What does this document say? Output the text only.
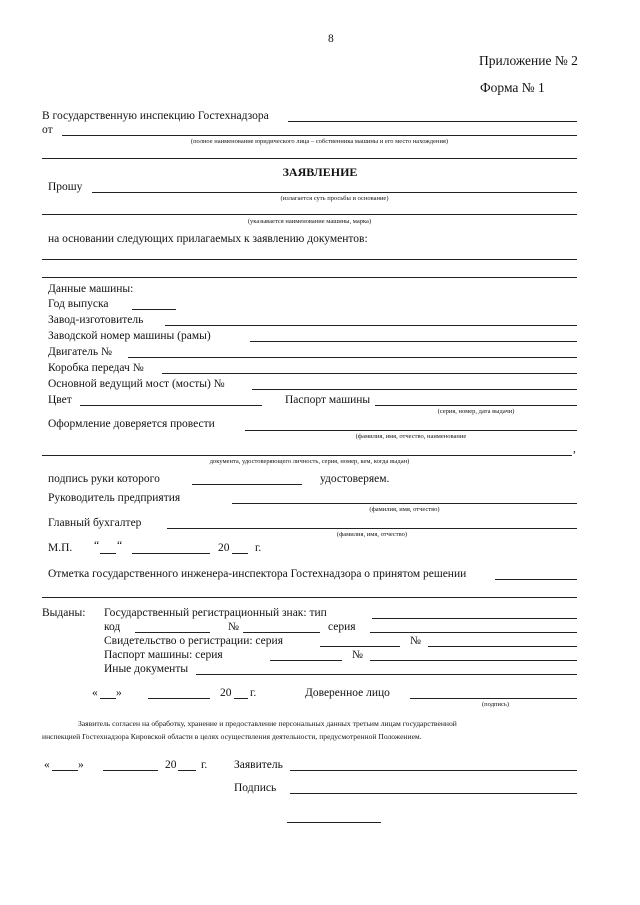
8
Приложение № 2
Форма № 1
В государственную инспекцию Гостехнадзора
от
(полное наименование юридического лица – собственника машины и его место нахождения)
ЗАЯВЛЕНИЕ
Прошу
(излагается суть просьбы и основание)
(указывается наименование машины, марка)
на основании следующих прилагаемых к заявлению документов:
Данные машины:
Год выпуска
Завод-изготовитель
Заводской номер машины (рамы)
Двигатель №
Коробка передач №
Основной ведущий мост (мосты) №
Цвет	Паспорт машины
(серия, номер, дата выдачи)
Оформление доверяется провести
(фамилия, имя, отчество, наименование
,
документа, удостоверяющего личность, серия, номер, кем, когда выдан)
подпись руки которого	удостоверяем.
Руководитель предприятия
(фамилия, имя, отчество)
Главный бухгалтер
(фамилия, имя, отчество)
М.П. “ “	20 г.
Отметка государственного инженера-инспектора Гостехнадзора о принятом решении
Выданы: Государственный регистрационный знак: тип
код	№	серия
Свидетельство о регистрации: серия	№
Паспорт машины: серия	№
Иные документы
« »	20 г.	Доверенное лицо
(подпись)
Заявитель согласен на обработку, хранение и предоставление персональных данных третьим лицам государственной
инспекцией Гостехнадзора Кировской области в целях осуществления деятельности, предусмотренной Положением.
« »	20 г. Заявитель
Подпись
